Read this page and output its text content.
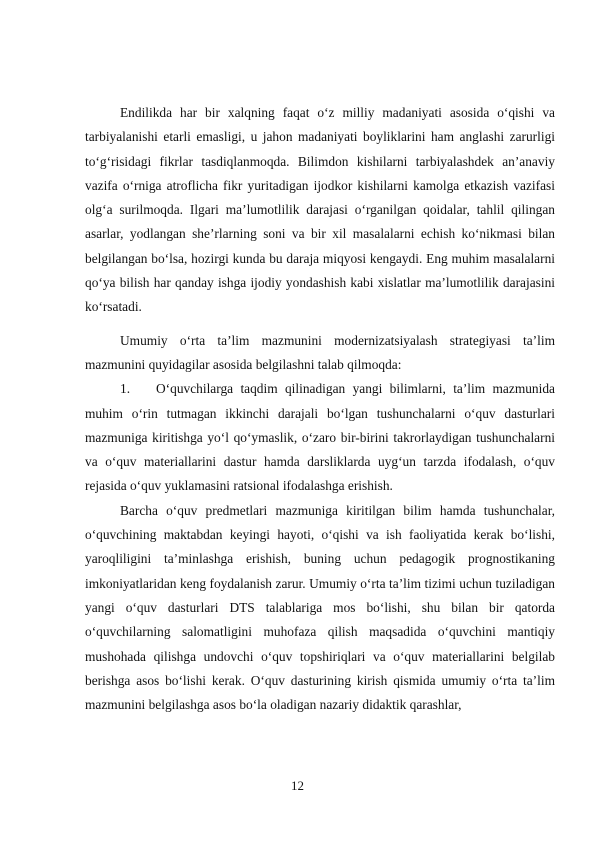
Endilikda har bir xalqning faqat o‘z milliy madaniyati asosida o‘qishi va tarbiyalanishi etarli emasligi, u jahon madaniyati boyliklarini ham anglashi zarurligi to‘g‘risidagi fikrlar tasdiqlanmoqda. Bilimdon kishilarni tarbiyalashdek an’anaviy vazifa o‘rniga atroflicha fikr yuritadigan ijodkor kishilarni kamolga etkazish vazifasi olg‘a surilmoqda. Ilgari ma’lumotlilik darajasi o‘rganilgan qoidalar, tahlil qilingan asarlar, yodlangan she’rlarning soni va bir xil masalalarni echish ko‘nikmasi bilan belgilangan bo‘lsa, hozirgi kunda bu daraja miqyosi kengaydi. Eng muhim masalalarni qo‘ya bilish har qanday ishga ijodiy yondashish kabi xislatlar ma’lumotlilik darajasini ko‘rsatadi.

Umumiy o‘rta ta’lim mazmunini modernizatsiyalash strategiyasi ta’lim mazmunini quyidagilar asosida belgilashni talab qilmoqda:

1. O‘quvchilarga taqdim qilinadigan yangi bilimlarni, ta’lim mazmunida muhim o‘rin tutmagan ikkinchi darajali bo‘lgan tushunchalarni o‘quv dasturlari mazmuniga kiritishga yo‘l qo‘ymaslik, o‘zaro bir-birini takrorlaydigan tushunchalarni va o‘quv materiallarini dastur hamda darsliklarda uyg‘un tarzda ifodalash, o‘quv rejasida o‘quv yuklamasini ratsional ifodalashga erishish.

Barcha o‘quv predmetlari mazmuniga kiritilgan bilim hamda tushunchalar, o‘quvchining maktabdan keyingi hayoti, o‘qishi va ish faoliyatida kerak bo‘lishi, yaroqliligini ta’minlashga erishish, buning uchun pedagogik prognostikaning imkoniyatlaridan keng foydalanish zarur. Umumiy o‘rta ta’lim tizimi uchun tuziladigan yangi o‘quv dasturlari DTS talablariga mos bo‘lishi, shu bilan bir qatorda o‘quvchilarning salomatligini muhofaza qilish maqsadida o‘quvchini mantiqiy mushohada qilishga undovchi o‘quv topshiriqlari va o‘quv materiallarini belgilab berishga asos bo‘lishi kerak. O‘quv dasturining kirish qismida umumiy o‘rta ta’lim mazmunini belgilashga asos bo‘la oladigan nazariy didaktik qarashlar,

12
